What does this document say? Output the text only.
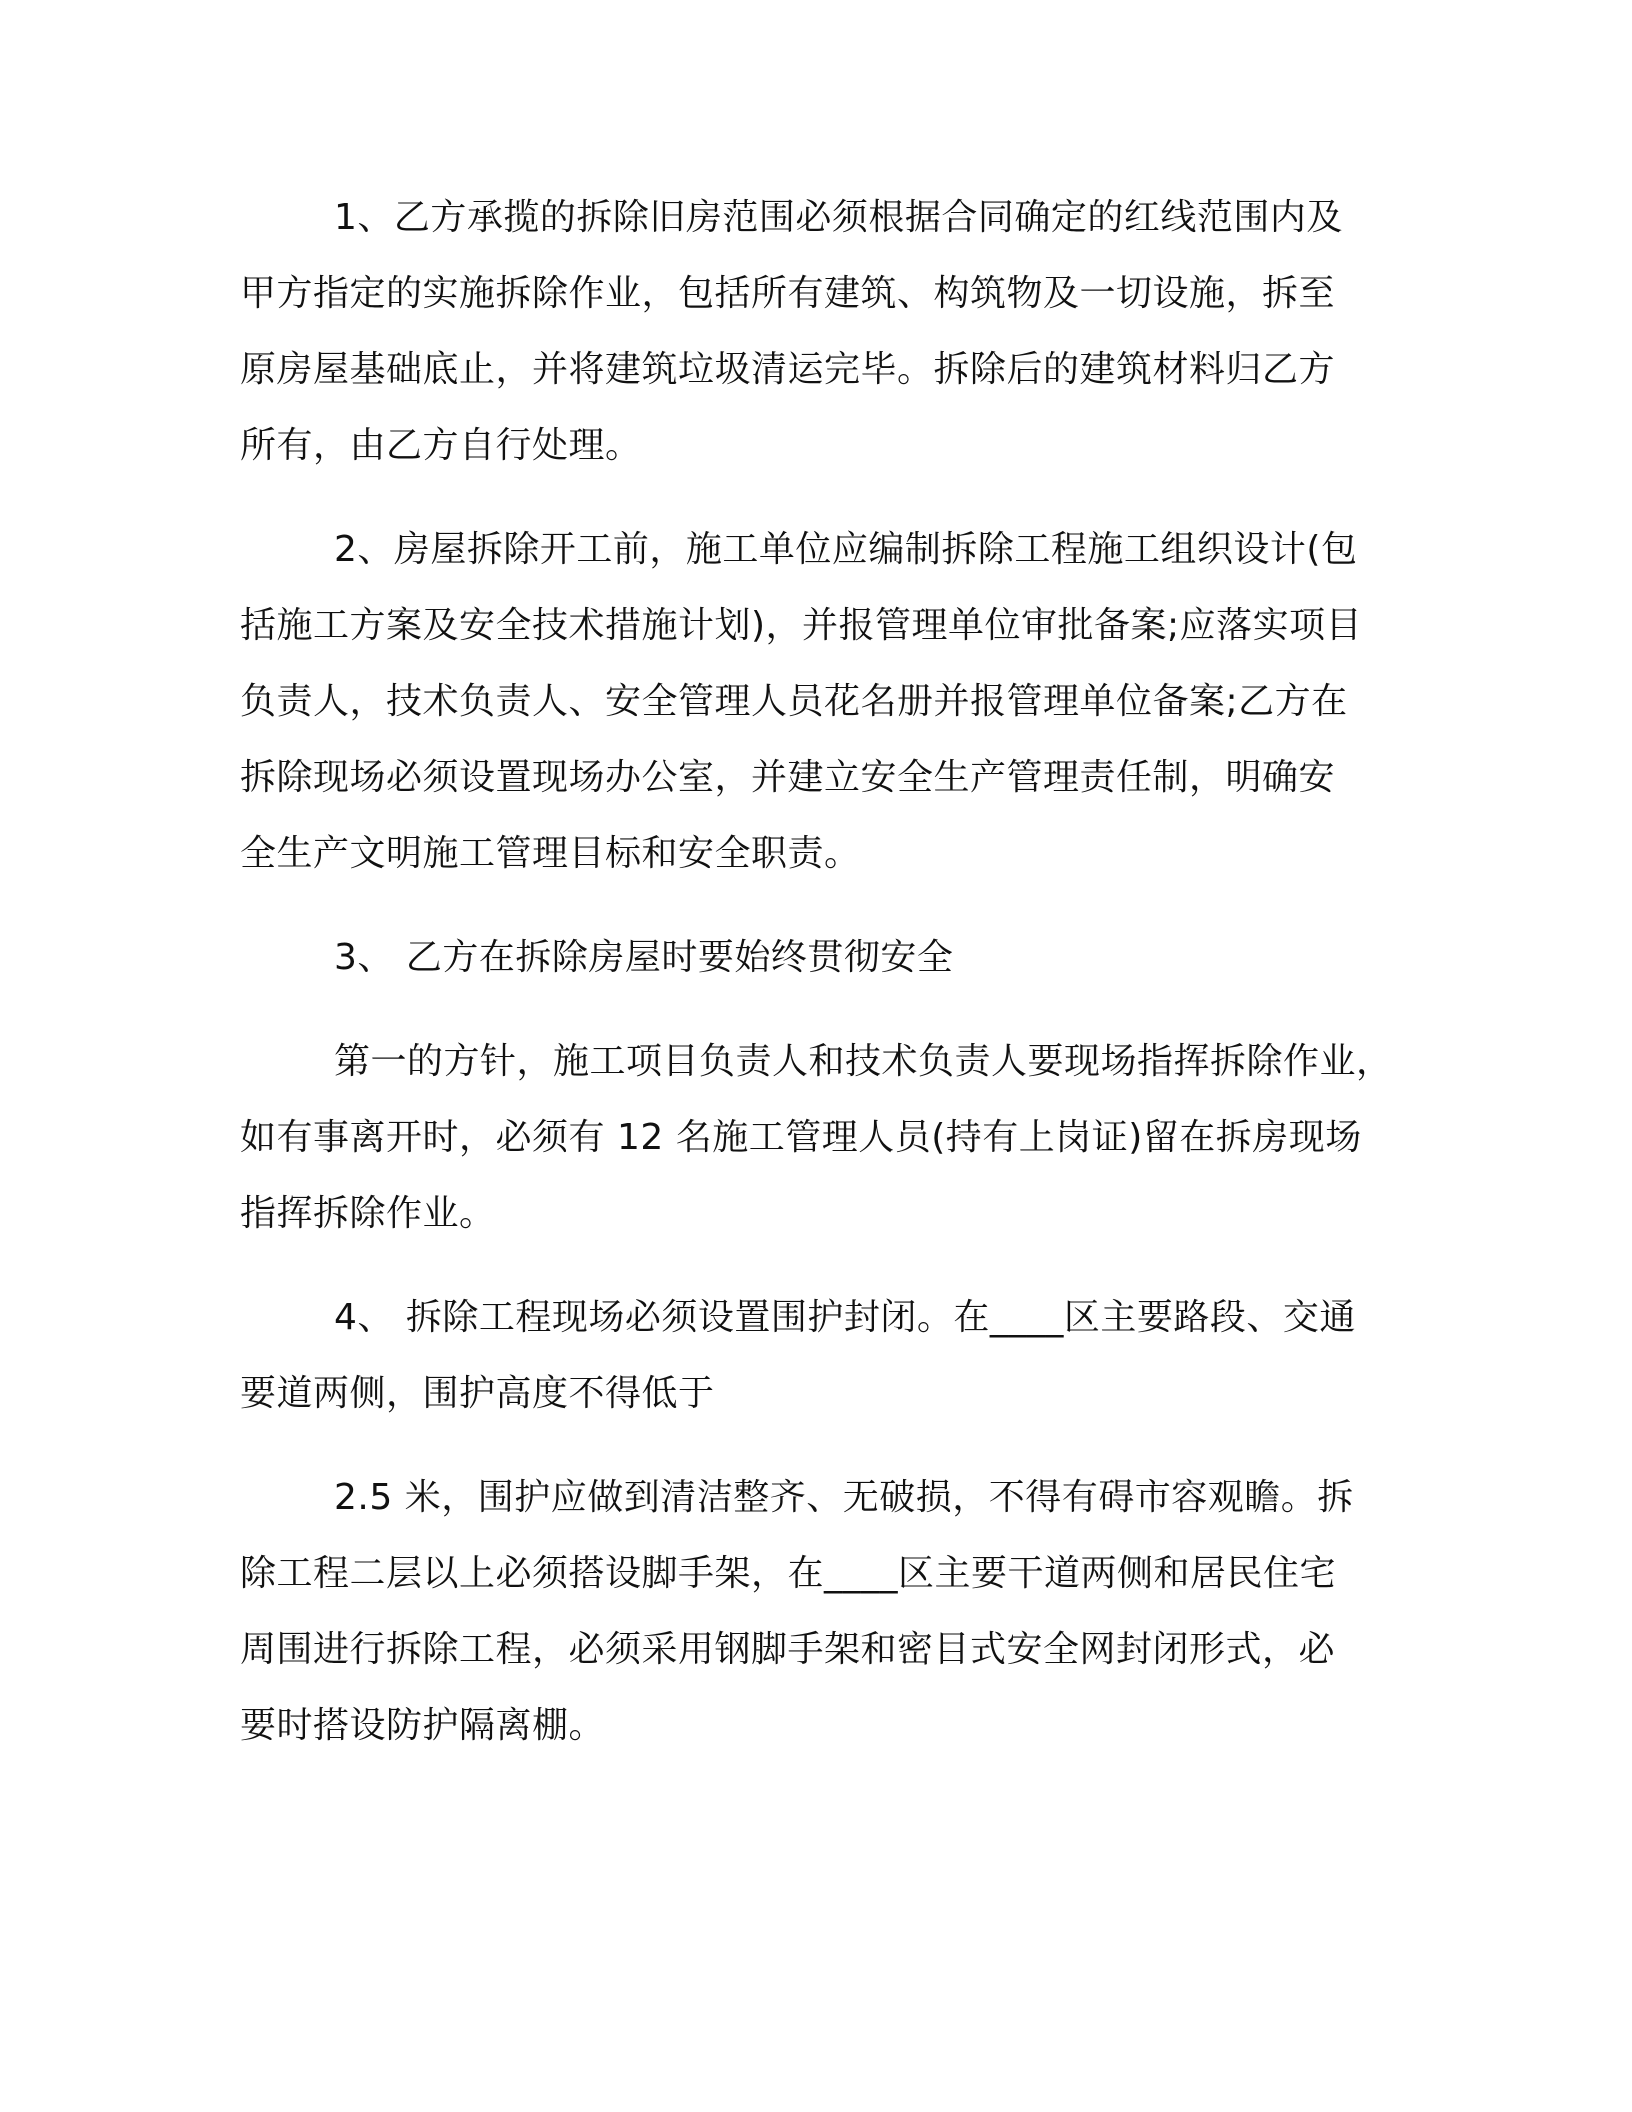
1、乙方承揽的拆除旧房范围必须根据合同确定的红线范围内及
甲方指定的实施拆除作业，包括所有建筑、构筑物及一切设施，拆至
原房屋基础底止，并将建筑垃圾清运完毕。拆除后的建筑材料归乙方
所有，由乙方自行处理。
2、房屋拆除开工前，施工单位应编制拆除工程施工组织设计(包
括施工方案及安全技术措施计划)，并报管理单位审批备案;应落实项目
负责人，技术负责人、安全管理人员花名册并报管理单位备案;乙方在
拆除现场必须设置现场办公室，并建立安全生产管理责任制，明确安
全生产文明施工管理目标和安全职责。
3、 乙方在拆除房屋时要始终贯彻安全
第一的方针，施工项目负责人和技术负责人要现场指挥拆除作业，
如有事离开时，必须有 12 名施工管理人员(持有上岗证)留在拆房现场
指挥拆除作业。
4、 拆除工程现场必须设置围护封闭。在____区主要路段、交通
要道两侧，围护高度不得低于
2.5 米，围护应做到清洁整齐、无破损，不得有碍市容观瞻。拆
除工程二层以上必须搭设脚手架，在____区主要干道两侧和居民住宅
周围进行拆除工程，必须采用钢脚手架和密目式安全网封闭形式，必
要时搭设防护隔离棚。
